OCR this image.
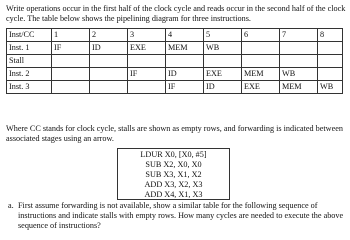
Write operations occur in the first half of the clock cycle and reads occur in the second half of the clock cycle. The table below shows the pipelining diagram for three instructions.

Inst/CC	1	2	3	4	5	6	7	8
Inst. 1	IF	ID	EXE	MEM	WB			
Stall								
Inst. 2			IF	ID	EXE	MEM	WB	
Inst. 3				IF	ID	EXE	MEM	WB

Where CC stands for clock cycle, stalls are shown as empty rows, and forwarding is indicated between associated stages using an arrow.

LDUR X0, [X0, #5]
SUB X2, X0, X0
SUB X3, X1, X2
ADD X3, X2, X3
ADD X4, X1, X3
a. First assume forwarding is not available, show a similar table for the following sequence of instructions and indicate stalls with empty rows. How many cycles are needed to execute the above sequence of instructions?
